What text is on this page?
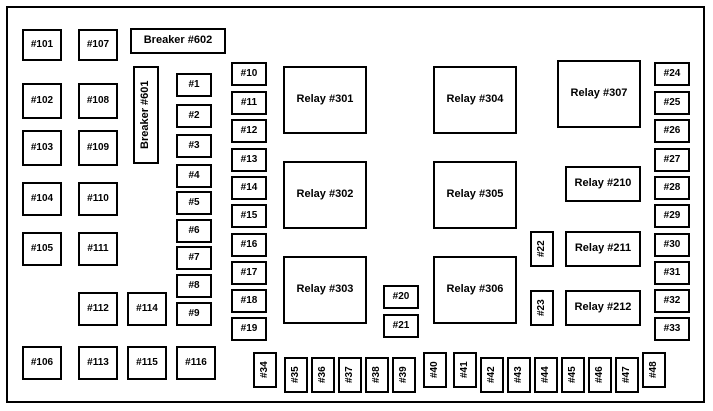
#101	#107	Breaker #602
#102	#108	Breaker #601
#103	#109
#104	#110
#105	#111
#112	#114
#106	#113	#115	#116
#1
#2
#3
#4
#5
#6
#7
#8
#9
#10
#11
#12
#13
#14
#15
#16
#17
#18
#19
Relay #301
Relay #302
Relay #303
#20
#21
Relay #304
Relay #305
Relay #306
#22
#23
Relay #307
Relay #210
Relay #211
Relay #212
#24
#25
#26
#27
#28
#29
#30
#31
#32
#33
#34	#35	#36	#37	#38	#39	#40	#41	#42	#43	#44	#45	#46	#47	#48
